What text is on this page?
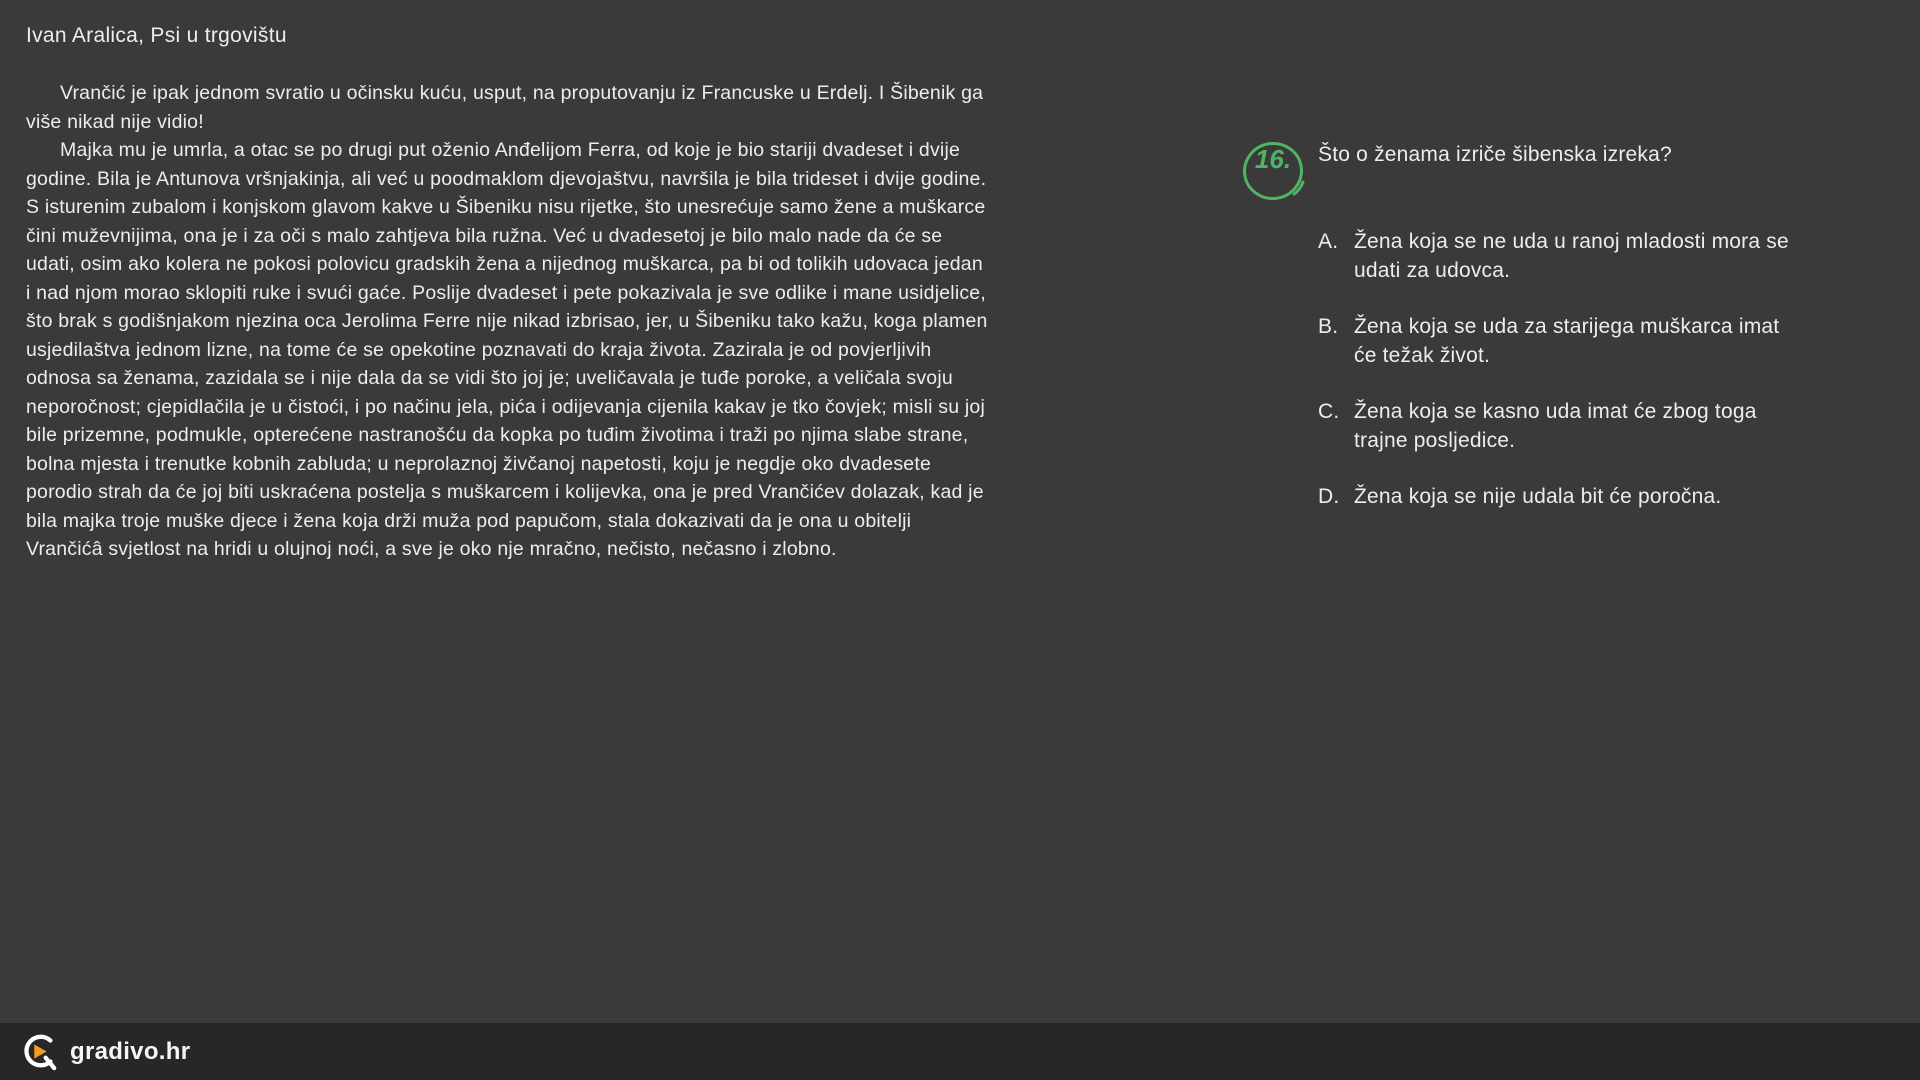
Ivan Aralica, Psi u trgovištu

Vrančić je ipak jednom svratio u očinsku kuću, usput, na proputovanju iz Francuske u Erdelj. I Šibenik ga više nikad nije vidio!

Majka mu je umrla, a otac se po drugi put oženio Anđelijom Ferra, od koje je bio stariji dvadeset i dvije godine. Bila je Antunova vršnjakinja, ali već u poodmaklom djevojaštvu, navršila je bila trideset i dvije godine. S isturenim zubalom i konjskom glavom kakve u Šibeniku nisu rijetke, što unesrećuje samo žene a muškarce čini muževnijima, ona je i za oči s malo zahtjeva bila ružna. Već u dvadesetoj je bilo malo nade da će se udati, osim ako kolera ne pokosi polovicu gradskih žena a nijednog muškarca, pa bi od tolikih udovaca jedan i nad njom morao sklopiti ruke i svući gaće. Poslije dvadeset i pete pokazivala je sve odlike i mane usidjelice, što brak s godišnjakom njezina oca Jerolima Ferre nije nikad izbrisao, jer, u Šibeniku tako kažu, koga plamen usjedilaštva jednom lizne, na tome će se opekotine poznavati do kraja života. Zazirala je od povjerljivih odnosa sa ženama, zazidala se i nije dala da se vidi što joj je; uveličavala je tuđe poroke, a veličala svoju neporočnost; cjepidlačila je u čistoći, i po načinu jela, pića i odijevanja cijenila kakav je tko čovjek; misli su joj bile prizemne, podmukle, opterećene nastranošću da kopka po tuđim životima i traži po njima slabe strane, bolna mjesta i trenutke kobnih zabluda; u neprolaznoj živčanoj napetosti, koju je negdje oko dvadesete porodio strah da će joj biti uskraćena postelja s muškarcem i kolijevka, ona je pred Vrančićev dolazak, kad je bila majka troje muške djece i žena koja drži muža pod papučom, stala dokazivati da je ona u obitelji Vrančićâ svjetlost na hridi u olujnoj noći, a sve je oko nje mračno, nečisto, nečasno i zlobno.

16.	Što o ženama izriče šibenska izreka?

A. Žena koja se ne uda u ranoj mladosti mora se udati za udovca.
B. Žena koja se uda za starijega muškarca imat će težak život.
C. Žena koja se kasno uda imat će zbog toga trajne posljedice.
D. Žena koja se nije udala bit će poročna.
gradivo.hr
